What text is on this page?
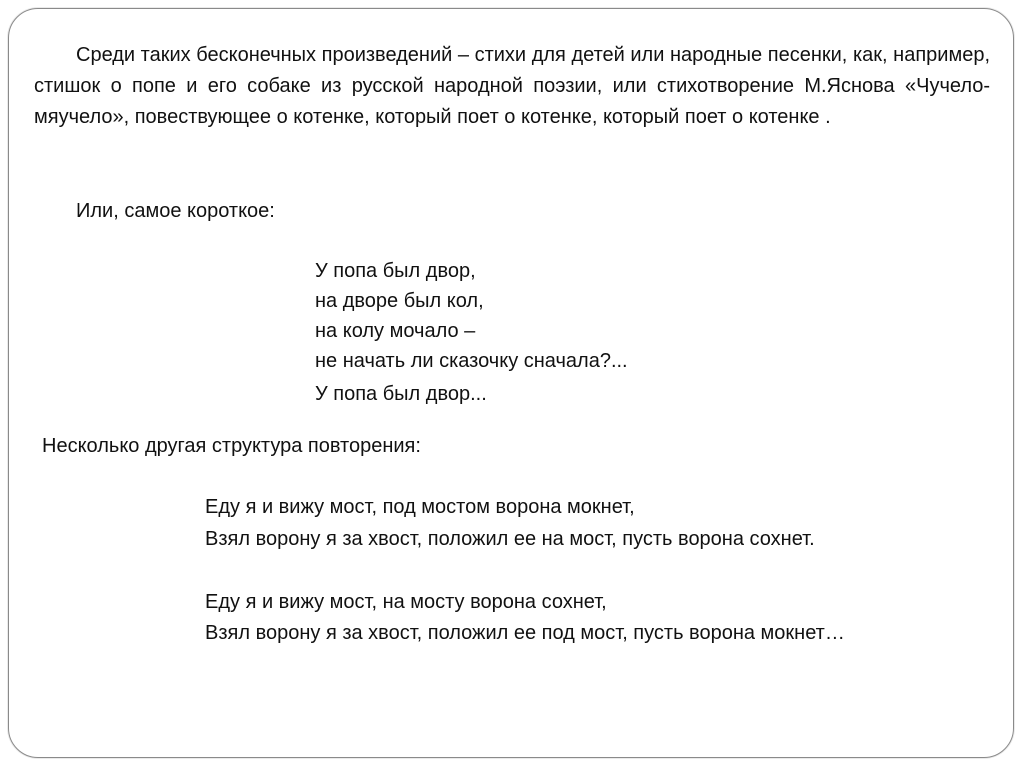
Среди таких бесконечных произведений – стихи для детей или народные песенки, как, например, стишок о попе и его собаке из русской народной поэзии, или стихотворение М.Яснова «Чучело-мяучело», повествующее о котенке, который поет о котенке, который поет о котенке .

Или, самое короткое:

У попа был двор,

на дворе был кол,

на колу мочало –

не начать ли сказочку сначала?...

У попа был двор...

Несколько другая структура повторения:

Еду я и вижу мост, под мостом ворона мокнет,

Взял ворону я за хвост, положил ее на мост, пусть ворона сохнет.

Еду я и вижу мост, на мосту ворона сохнет,

Взял ворону я за хвост, положил ее под мост, пусть ворона мокнет…
